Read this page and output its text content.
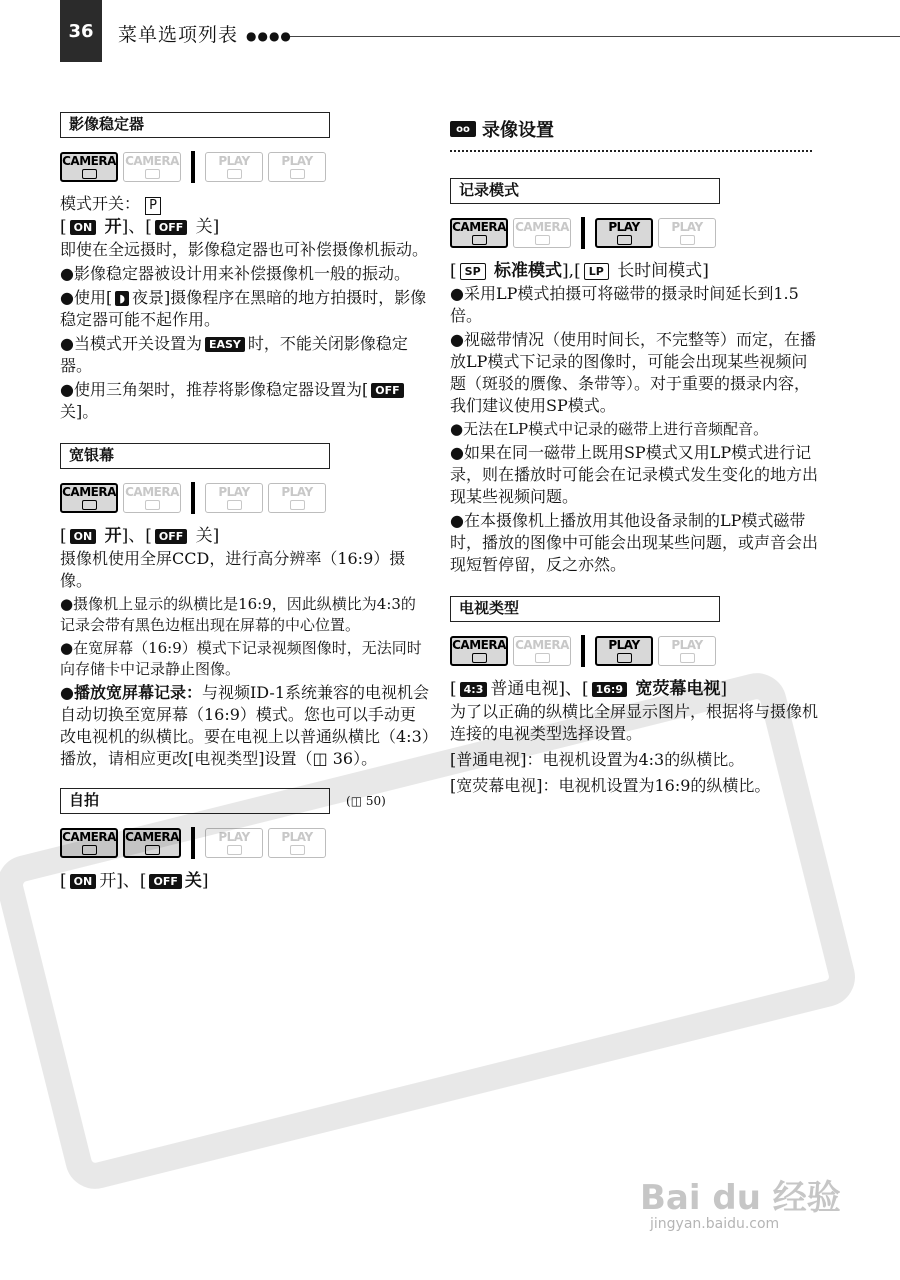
36	菜单选项列表 ●●●●
影像稳定器
CAMERA CAMERA	PLAY	PLAY

模式开关： P

[ ON 开]、[ OFF 关]

即使在全远摄时，影像稳定器也可补偿摄像机振动。

●影像稳定器被设计用来补偿摄像机一般的振动。

●使用[ ◗ 夜景]摄像程序在黑暗的地方拍摄时，影像稳定器可能不起作用。

●当模式开关设置为 EASY 时，不能关闭影像稳定器。

●使用三角架时，推荐将影像稳定器设置为[ OFF关]。

宽银幕
CAMERA CAMERA	PLAY	PLAY

[ ON 开]、[ OFF 关]

摄像机使用全屏CCD，进行高分辨率（16:9）摄像。

●摄像机上显示的纵横比是16:9，因此纵横比为4:3的记录会带有黑色边框出现在屏幕的中心位置。

●在宽屏幕（16:9）模式下记录视频图像时，无法同时向存储卡中记录静止图像。

●播放宽屏幕记录：与视频ID-1系统兼容的电视机会自动切换至宽屏幕（16:9）模式。您也可以手动更改电视机的纵横比。要在电视上以普通纵横比（4:3）播放，请相应更改[电视类型]设置（◫ 36）。

自拍	(◫ 50)
CAMERA CAMERA	PLAY	PLAY

[ ON 开]、[ OFF 关]

oo 录像设置
记录模式
CAMERA CAMERA	PLAY	PLAY

[ SP 标准模式],[ LP 长时间模式]

●采用LP模式拍摄可将磁带的摄录时间延长到1.5倍。

●视磁带情况（使用时间长，不完整等）而定，在播放LP模式下记录的图像时，可能会出现某些视频问题（斑驳的赝像、条带等）。对于重要的摄录内容，我们建议使用SP模式。

●无法在LP模式中记录的磁带上进行音频配音。

●如果在同一磁带上既用SP模式又用LP模式进行记录，则在播放时可能会在记录模式发生变化的地方出现某些视频问题。

●在本摄像机上播放用其他设备录制的LP模式磁带时，播放的图像中可能会出现某些问题，或声音会出现短暂停留，反之亦然。

电视类型
CAMERA CAMERA	PLAY	PLAY

[ 4:3 普通电视]、[ 16:9 宽荧幕电视]

为了以正确的纵横比全屏显示图片，根据将与摄像机连接的电视类型选择设置。

[普通电视]：电视机设置为4:3的纵横比。

[宽荧幕电视]：电视机设置为16:9的纵横比。

Bai du 经验
jingyan.baidu.com
